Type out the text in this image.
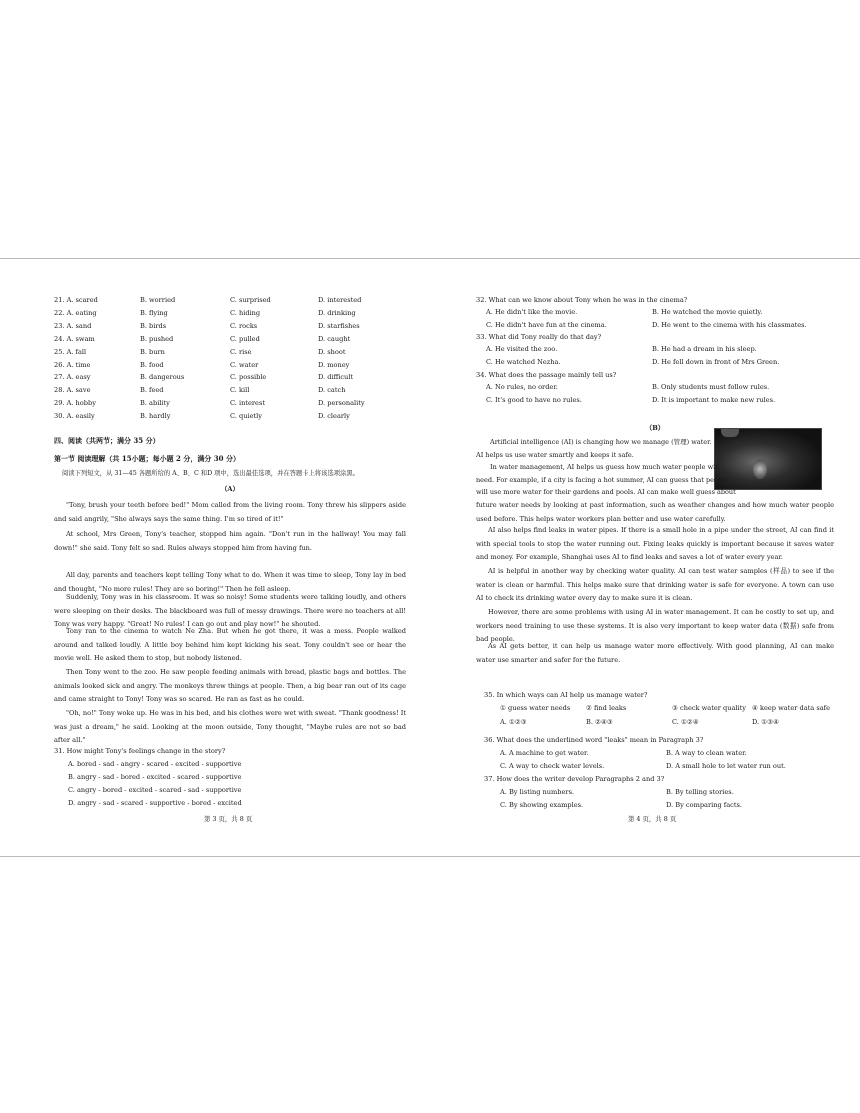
21. A. scared	B. worried	C. surprised	D. interested
22. A. eating	B. flying	C. hiding	D. drinking
23. A. sand	B. birds	C. rocks	D. starfishes
24. A. swam	B. pushed	C. pulled	D. caught
25. A. fall	B. burn	C. rise	D. shoot
26. A. time	B. food	C. water	D. money
27. A. easy	B. dangerous	C. possible	D. difficult
28. A. save	B. feed	C. kill	D. catch
29. A. hobby	B. ability	C. interest	D. personality
30. A. easily	B. hardly	C. quietly	D. clearly
四、阅读（共两节；满分 35 分）
第一节 阅读理解（共 15小题；每小题 2 分，满分 30 分）
阅读下列短文，从 31—45 各题所给的 A、B、C 和D 项中，选出最佳选项，并在答题卡上将该选项涂黑。
（A）
"Tony, brush your teeth before bed!" Mom called from the living room. Tony threw his slippers aside and said angrily, "She always says the same thing. I'm so tired of it!"
At school, Mrs Green, Tony's teacher, stopped him again. "Don't run in the hallway! You may fall down!" she said. Tony felt so sad. Rules always stopped him from having fun.
All day, parents and teachers kept telling Tony what to do. When it was time to sleep, Tony lay in bed and thought, "No more rules! They are so boring!" Then he fell asleep.
Suddenly, Tony was in his classroom. It was so noisy! Some students were talking loudly, and others were sleeping on their desks. The blackboard was full of messy drawings. There were no teachers at all! Tony was very happy. "Great! No rules! I can go out and play now!" he shouted.
Tony ran to the cinema to watch Ne Zha. But when he got there, it was a mess. People walked around and talked loudly. A little boy behind him kept kicking his seat. Tony couldn't see or hear the movie well. He asked them to stop, but nobody listened.
Then Tony went to the zoo. He saw people feeding animals with bread, plastic bags and bottles. The animals looked sick and angry. The monkeys threw things at people. Then, a big bear ran out of its cage and came straight to Tony! Tony was so scared. He ran as fast as he could.
"Oh, no!" Tony woke up. He was in his bed, and his clothes were wet with sweat. "Thank goodness! It was just a dream," he said. Looking at the moon outside, Tony thought, "Maybe rules are not so bad after all."
31. How might Tony's feelings change in the story?
A. bored - sad - angry - scared - excited - supportive
B. angry - sad - bored - excited - scared - supportive
C. angry - bored - excited - scared - sad - supportive
D. angry - sad - scared - supportive - bored - excited
第 3 页，共 8 页
32. What can we know about Tony when he was in the cinema?
A. He didn't like the movie.	B. He watched the movie quietly.
C. He didn't have fun at the cinema.	D. He went to the cinema with his classmates.
33. What did Tony really do that day?
A. He visited the zoo.	B. He had a dream in his sleep.
C. He watched Nezha.	D. He fell down in front of Mrs Green.
34. What does the passage mainly tell us?
A. No rules, no order.	B. Only students must follow rules.
C. It's good to have no rules.	D. It is important to make new rules.
（B）
Artificial intelligence (AI) is changing how we manage (管理) water.
AI helps us use water smartly and keeps it safe.
In water management, AI helps us guess how much water people will
need. For example, if a city is facing a hot summer, AI can guess that people
will use more water for their gardens and pools. AI can make well guess about
future water needs by looking at past information, such as weather changes and how much water people used before. This helps water workers plan better and use water carefully.
AI also helps find leaks in water pipes. If there is a small hole in a pipe under the street, AI can find it with special tools to stop the water running out. Fixing leaks quickly is important because it saves water and money. For example, Shanghai uses AI to find leaks and saves a lot of water every year.
AI is helpful in another way by checking water quality. AI can test water samples (样品) to see if the water is clean or harmful. This helps make sure that drinking water is safe for everyone. A town can use AI to check its drinking water every day to make sure it is clean.
However, there are some problems with using AI in water management. It can be costly to set up, and workers need training to use these systems. It is also very important to keep water data (数据) safe from bad people.
As AI gets better, it can help us manage water more effectively. With good planning, AI can make water use smarter and safer for the future.
35. In which ways can AI help us manage water?
① guess water needs ② find leaks	③ check water quality ④ keep water data safe
A. ①②③	B. ②④③	C. ①②④	D. ①③④
36. What does the underlined word "leaks" mean in Paragraph 3?
A. A machine to get water.	B. A way to clean water.
C. A way to check water levels.	D. A small hole to let water run out.
37. How does the writer develop Paragraphs 2 and 3?
A. By listing numbers.	B. By telling stories.
C. By showing examples.	D. By comparing facts.
第 4 页，共 8 页
